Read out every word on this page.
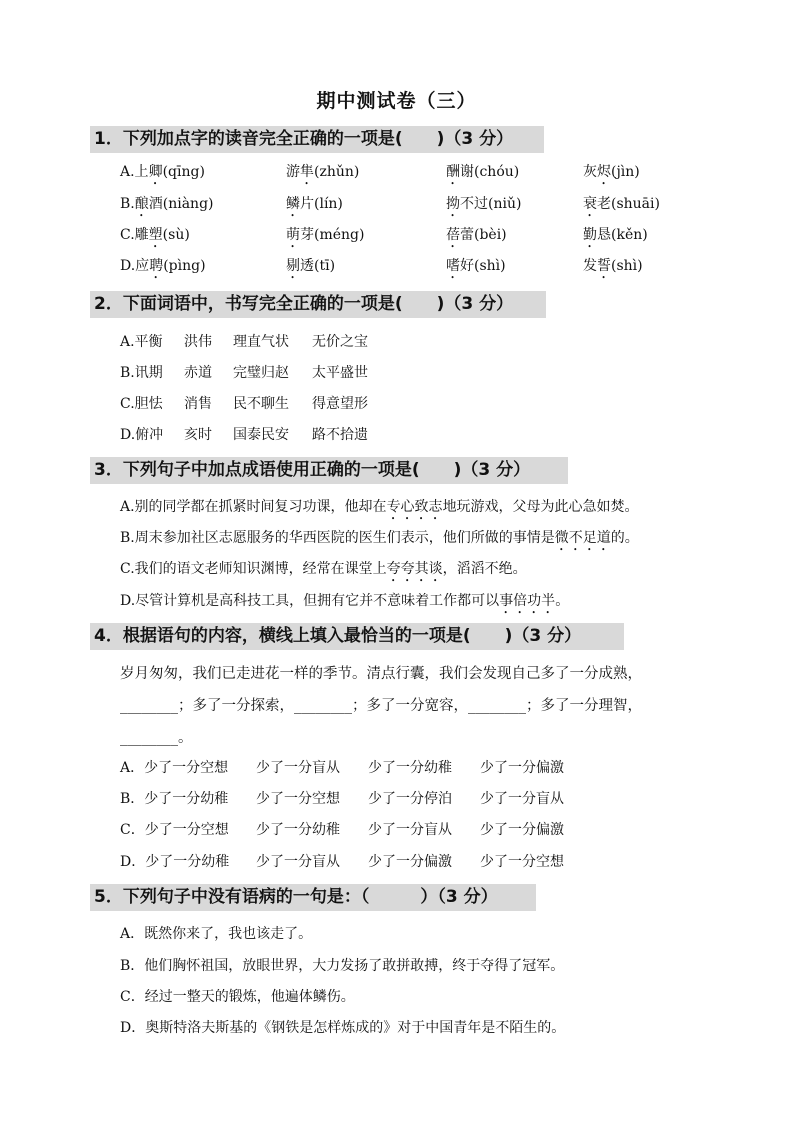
期中测试卷（三）
1．下列加点字的读音完全正确的一项是(　　)（3 分）
A.上卿(qīng)	游隼(zhǔn)	酬谢(chóu)	灰烬(jìn)
B.酿酒(niàng)	鳞片(lín)	拗不过(niǔ)	衰老(shuāi)
C.雕塑(sù)	萌芽(méng)	蓓蕾(bèi)	勤恳(kěn)
D.应聘(pìng)	剔透(tī)	嗜好(shì)	发誓(shì)
2．下面词语中，书写完全正确的一项是(　　)（3 分）
A.平衡 洪伟 理直气状 无价之宝
B.讯期 赤道 完璧归赵 太平盛世
C.胆怯 消售 民不聊生 得意望形
D.俯冲 亥时 国泰民安 路不拾遗
3．下列句子中加点成语使用正确的一项是(　　)（3 分）
A.别的同学都在抓紧时间复习功课，他却在专心致志地玩游戏，父母为此心急如焚。
B.周末参加社区志愿服务的华西医院的医生们表示，他们所做的事情是微不足道的。
C.我们的语文老师知识渊博，经常在课堂上夸夸其谈，滔滔不绝。
D.尽管计算机是高科技工具，但拥有它并不意味着工作都可以事倍功半。
4．根据语句的内容，横线上填入最恰当的一项是(　　)（3 分）
岁月匆匆，我们已走进花一样的季节。清点行囊，我们会发现自己多了一分成熟，
________；多了一分探索，________；多了一分宽容，________；多了一分理智，
________。
A．少了一分空想 少了一分盲从 少了一分幼稚 少了一分偏激
B．少了一分幼稚 少了一分空想 少了一分停泊 少了一分盲从
C．少了一分空想 少了一分幼稚 少了一分盲从 少了一分偏激
D．少了一分幼稚 少了一分盲从 少了一分偏激 少了一分空想
5．下列句子中没有语病的一句是：（　　　）（3 分）
A．既然你来了，我也该走了。
B．他们胸怀祖国，放眼世界，大力发扬了敢拼敢搏，终于夺得了冠军。
C．经过一整天的锻炼，他遍体鳞伤。
D．奥斯特洛夫斯基的《钢铁是怎样炼成的》对于中国青年是不陌生的。
